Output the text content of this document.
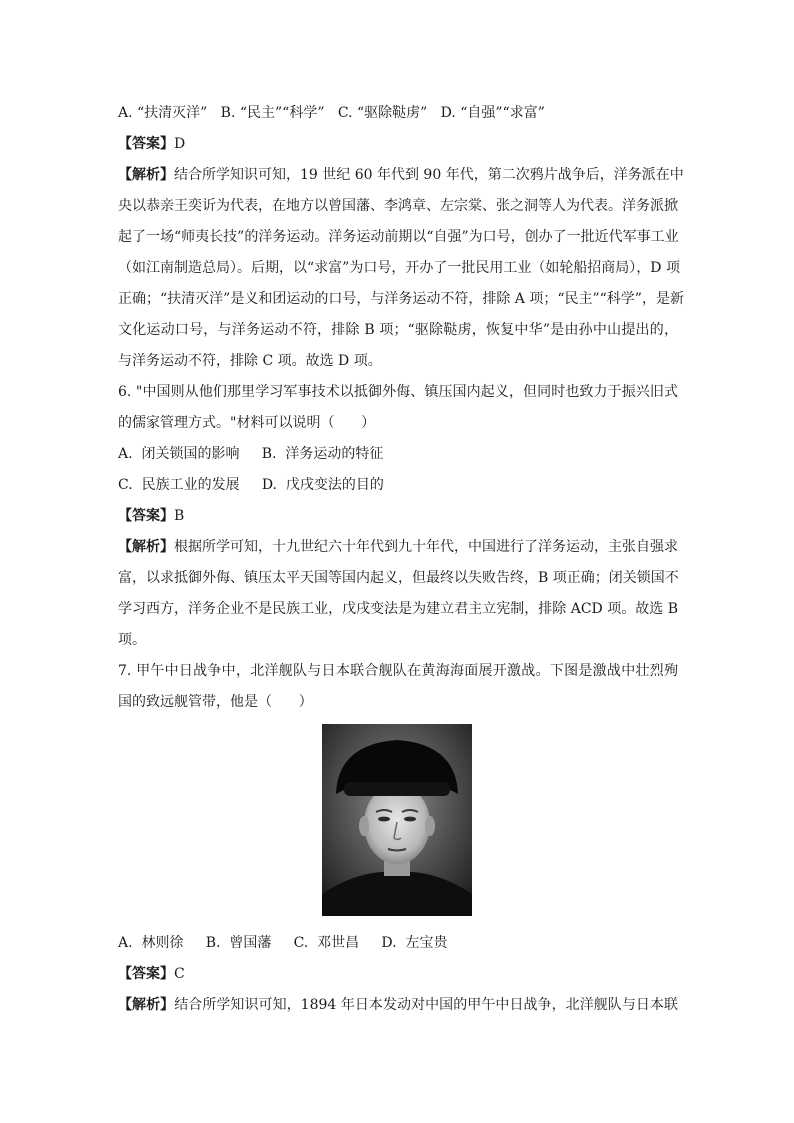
A. “扶清灭洋”   B. “民主”“科学”   C. “驱除鞑虏”   D. “自强”“求富”
【答案】D
【解析】结合所学知识可知，19 世纪 60 年代到 90 年代，第二次鸦片战争后，洋务派在中
央以恭亲王奕䜣为代表，在地方以曾国藩、李鸿章、左宗棠、张之洞等人为代表。洋务派掀
起了一场“师夷长技”的洋务运动。洋务运动前期以“自强”为口号，创办了一批近代军事工业
（如江南制造总局）。后期，以“求富”为口号，开办了一批民用工业（如轮船招商局），D 项
正确；“扶清灭洋”是义和团运动的口号，与洋务运动不符，排除 A 项；“民主”“科学”，是新
文化运动口号，与洋务运动不符，排除 B 项；“驱除鞑虏，恢复中华”是由孙中山提出的，
与洋务运动不符，排除 C 项。故选 D 项。
6. "中国则从他们那里学习军事技术以抵御外侮、镇压国内起义，但同时也致力于振兴旧式
的儒家管理方式。"材料可以说明（      ）
A.  闭关锁国的影响     B.  洋务运动的特征
C.  民族工业的发展     D.  戊戌变法的目的
【答案】B
【解析】根据所学可知，十九世纪六十年代到九十年代，中国进行了洋务运动，主张自强求
富，以求抵御外侮、镇压太平天国等国内起义，但最终以失败告终，B 项正确；闭关锁国不
学习西方，洋务企业不是民族工业，戊戌变法是为建立君主立宪制，排除 ACD 项。故选 B
项。
7. 甲午中日战争中，北洋舰队与日本联合舰队在黄海海面展开激战。下图是激战中壮烈殉
国的致远舰管带，他是（      ）
A.  林则徐     B.  曾国藩     C.  邓世昌     D.  左宝贵
【答案】C
【解析】结合所学知识可知，1894 年日本发动对中国的甲午中日战争，北洋舰队与日本联
